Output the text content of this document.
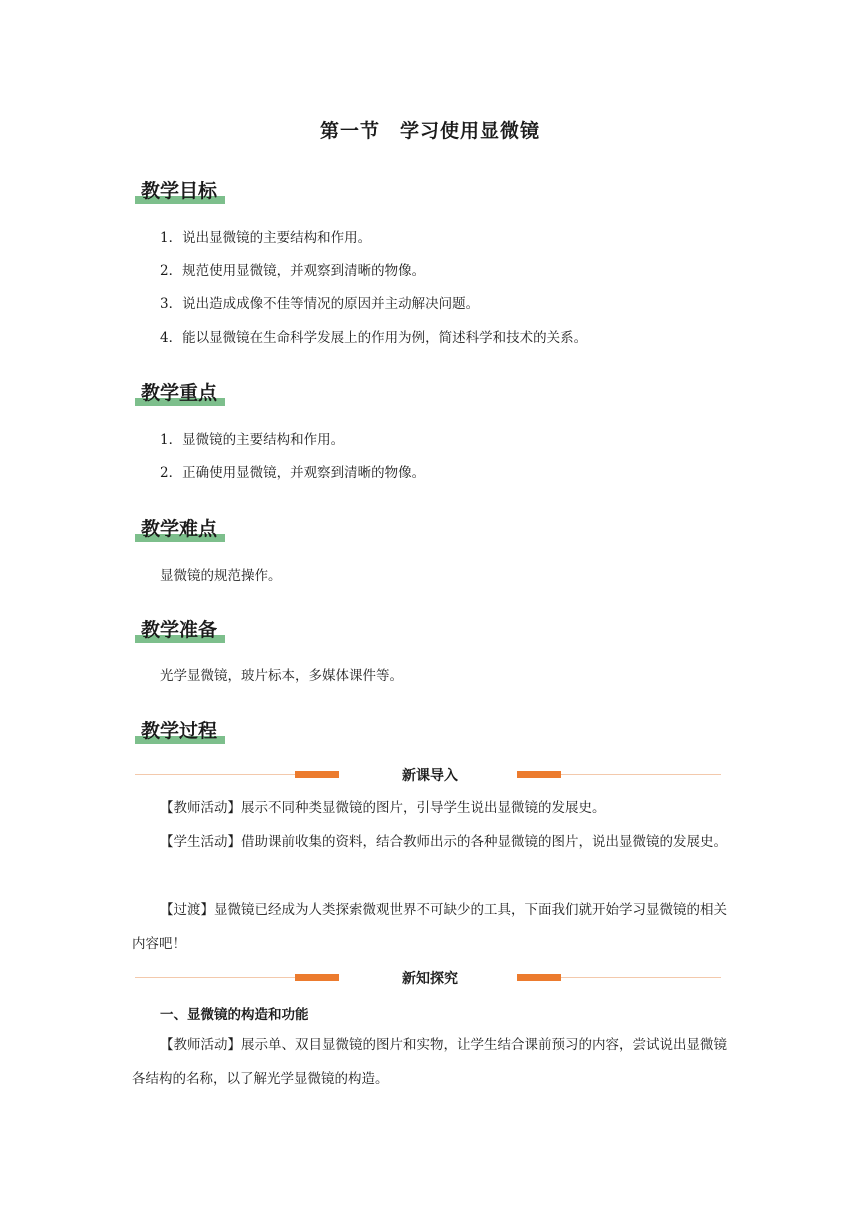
第一节　学习使用显微镜
教学目标
1．说出显微镜的主要结构和作用。
2．规范使用显微镜，并观察到清晰的物像。
3．说出造成成像不佳等情况的原因并主动解决问题。
4．能以显微镜在生命科学发展上的作用为例，简述科学和技术的关系。
教学重点
1．显微镜的主要结构和作用。
2．正确使用显微镜，并观察到清晰的物像。
教学难点
显微镜的规范操作。
教学准备
光学显微镜，玻片标本，多媒体课件等。
教学过程
新课导入
【教师活动】展示不同种类显微镜的图片，引导学生说出显微镜的发展史。
【学生活动】借助课前收集的资料，结合教师出示的各种显微镜的图片，说出显微镜的发展史。
【过渡】显微镜已经成为人类探索微观世界不可缺少的工具，下面我们就开始学习显微镜的相关内容吧！
新知探究
一、显微镜的构造和功能
【教师活动】展示单、双目显微镜的图片和实物，让学生结合课前预习的内容，尝试说出显微镜各结构的名称，以了解光学显微镜的构造。
